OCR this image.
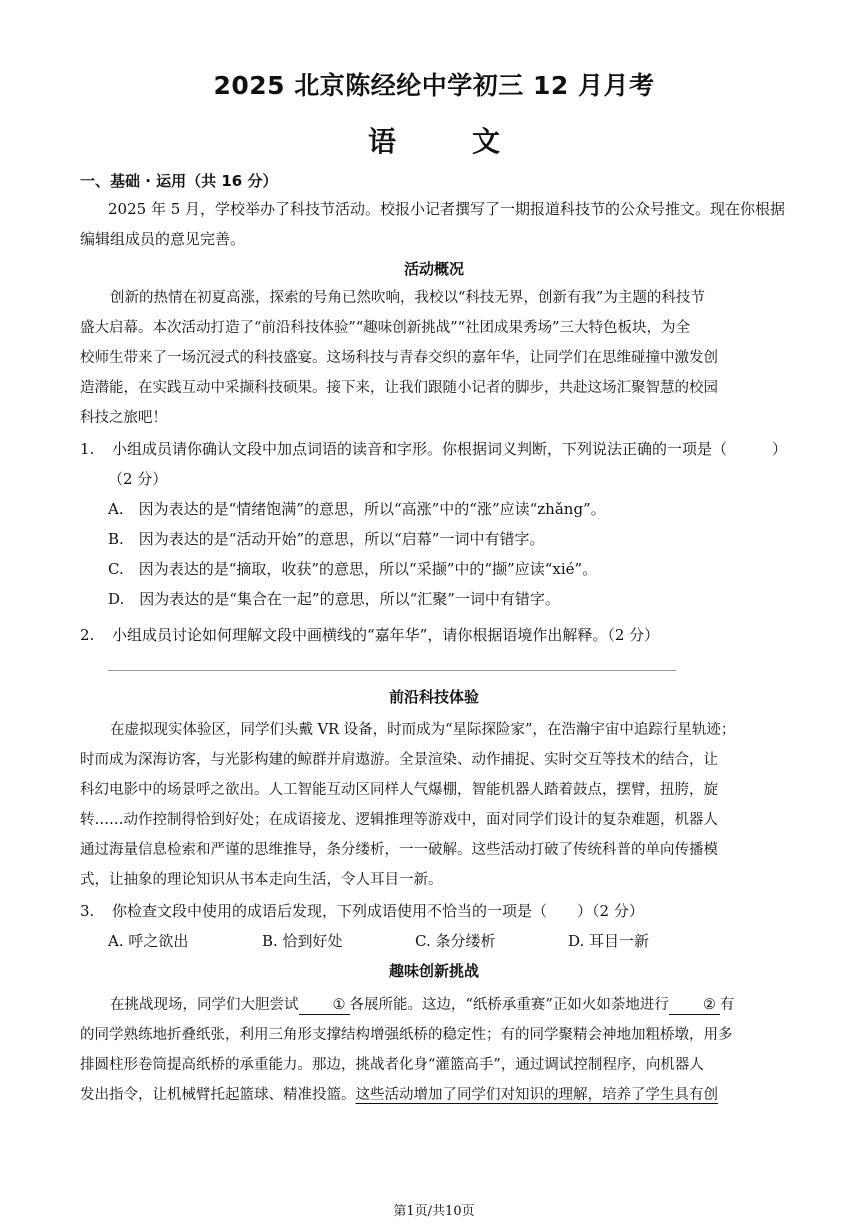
2025 北京陈经纶中学初三 12 月月考
语	文
一、基础 · 运用（共 16 分）
2025 年 5 月，学校举办了科技节活动。校报小记者撰写了一期报道科技节的公众号推文。现在你根据
编辑组成员的意见完善。
活动概况
创新的热情在初夏高涨，探索的号角已然吹响，我校以“科技无界，创新有我”为主题的科技节
盛大启幕。本次活动打造了“前沿科技体验”“趣味创新挑战”“社团成果秀场”三大特色板块，为全
校师生带来了一场沉浸式的科技盛宴。这场科技与青春交织的嘉年华，让同学们在思维碰撞中激发创
造潜能，在实践互动中采撷科技硕果。接下来，让我们跟随小记者的脚步，共赴这场汇聚智慧的校园
科技之旅吧！
1. 小组成员请你确认文段中加点词语的读音和字形。你根据词义判断，下列说法正确的一项是（　　　）
（2 分）
A.　因为表达的是“情绪饱满”的意思，所以“高涨”中的“涨”应读“zhǎng”。
B.　因为表达的是“活动开始”的意思，所以“启幕”一词中有错字。
C.　因为表达的是“摘取，收获”的意思，所以“采撷”中的“撷”应读“xié”。
D.　因为表达的是“集合在一起”的意思，所以“汇聚”一词中有错字。
2. 小组成员讨论如何理解文段中画横线的“嘉年华”，请你根据语境作出解释。（2 分）
前沿科技体验
在虚拟现实体验区，同学们头戴 VR 设备，时而成为“星际探险家”，在浩瀚宇宙中追踪行星轨迹；
时而成为深海访客，与光影构建的鲸群并肩遨游。全景渲染、动作捕捉、实时交互等技术的结合，让
科幻电影中的场景呼之欲出。人工智能互动区同样人气爆棚，智能机器人踏着鼓点，摆臂，扭胯，旋
转……动作控制得恰到好处；在成语接龙、逻辑推理等游戏中，面对同学们设计的复杂难题，机器人
通过海量信息检索和严谨的思维推导，条分缕析，一一破解。这些活动打破了传统科普的单向传播模
式，让抽象的理论知识从书本走向生活，令人耳目一新。
3. 你检查文段中使用的成语后发现，下列成语使用不恰当的一项是（　　）（2 分）
A. 呼之欲出	B. 恰到好处	C. 条分缕析	D. 耳目一新
趣味创新挑战
在挑战现场，同学们大胆尝试 ① 各展所能。这边，“纸桥承重赛”正如火如荼地进行 ② 有
的同学熟练地折叠纸张，利用三角形支撑结构增强纸桥的稳定性；有的同学聚精会神地加粗桥墩，用多
排圆柱形卷筒提高纸桥的承重能力。那边，挑战者化身“灌篮高手”，通过调试控制程序，向机器人
发出指令，让机械臂托起篮球、精准投篮。这些活动增加了同学们对知识的理解，培养了学生具有创
第1页/共10页
